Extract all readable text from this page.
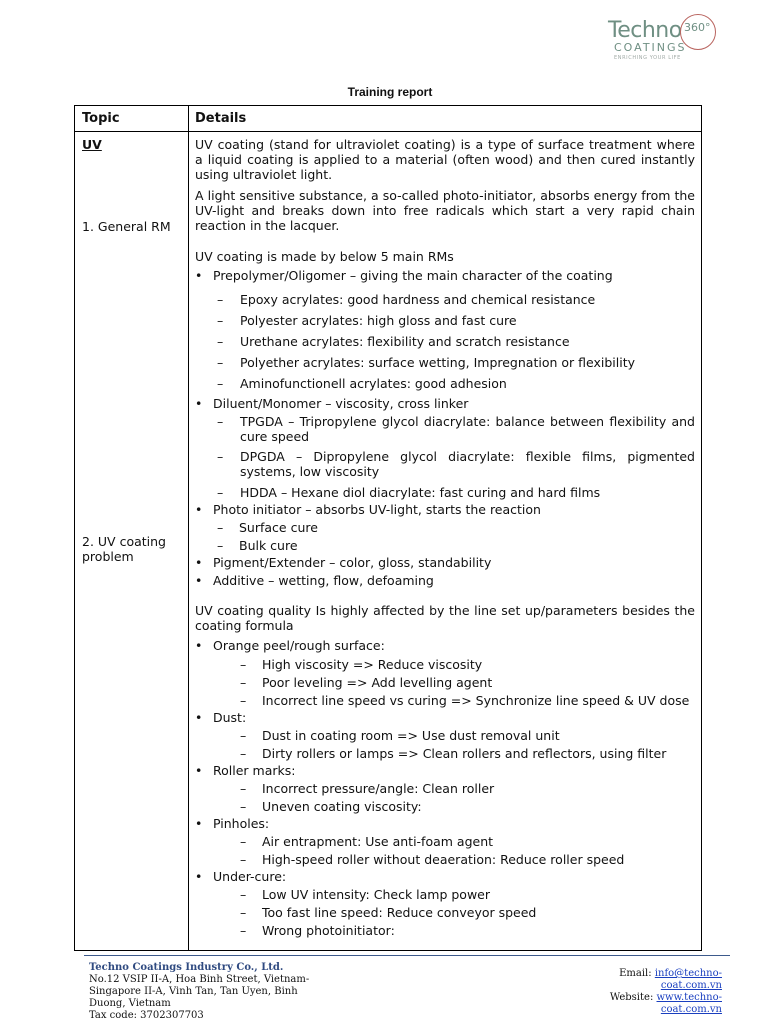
Techno 360°
COATINGS
ENRICHING YOUR LIFE
Training report
Topic	Details
UV
1. General RM
2. UV coating problem
UV coating (stand for ultraviolet coating) is a type of surface treatment where a liquid coating is applied to a material (often wood) and then cured instantly using ultraviolet light.
A light sensitive substance, a so-called photo-initiator, absorbs energy from the UV-light and breaks down into free radicals which start a very rapid chain reaction in the lacquer.
UV coating is made by below 5 main RMs
• Prepolymer/Oligomer – giving the main character of the coating
– Epoxy acrylates: good hardness and chemical resistance
– Polyester acrylates: high gloss and fast cure
– Urethane acrylates: flexibility and scratch resistance
– Polyether acrylates: surface wetting, Impregnation or flexibility
– Aminofunctionell acrylates: good adhesion
• Diluent/Monomer – viscosity, cross linker
TPGDA – Tripropylene glycol diacrylate: balance between flexibility and cure speed
–
DPGDA – Dipropylene glycol diacrylate: flexible films, pigmented systems, low viscosity
–
– HDDA – Hexane diol diacrylate: fast curing and hard films
• Photo initiator – absorbs UV-light, starts the reaction
– Surface cure
– Bulk cure
• Pigment/Extender – color, gloss, standability
• Additive – wetting, flow, defoaming
UV coating quality Is highly affected by the line set up/parameters besides the coating formula
• Orange peel/rough surface:
– High viscosity => Reduce viscosity
– Poor leveling => Add levelling agent
– Incorrect line speed vs curing => Synchronize line speed & UV dose
• Dust:
– Dust in coating room => Use dust removal unit
– Dirty rollers or lamps => Clean rollers and reflectors, using filter
• Roller marks:
– Incorrect pressure/angle: Clean roller
– Uneven coating viscosity:
• Pinholes:
– Air entrapment: Use anti-foam agent
– High-speed roller without deaeration: Reduce roller speed
• Under-cure:
– Low UV intensity: Check lamp power
– Too fast line speed: Reduce conveyor speed
– Wrong photoinitiator:
Techno Coatings Industry Co., Ltd.
No.12 VSIP II-A, Hoa Binh Street, Vietnam-Singapore II-A, Vinh Tan, Tan Uyen, Binh Duong, Vietnam
Tax code: 3702307703
Email: info@techno-coat.com.vn
Website: www.techno-coat.com.vn
